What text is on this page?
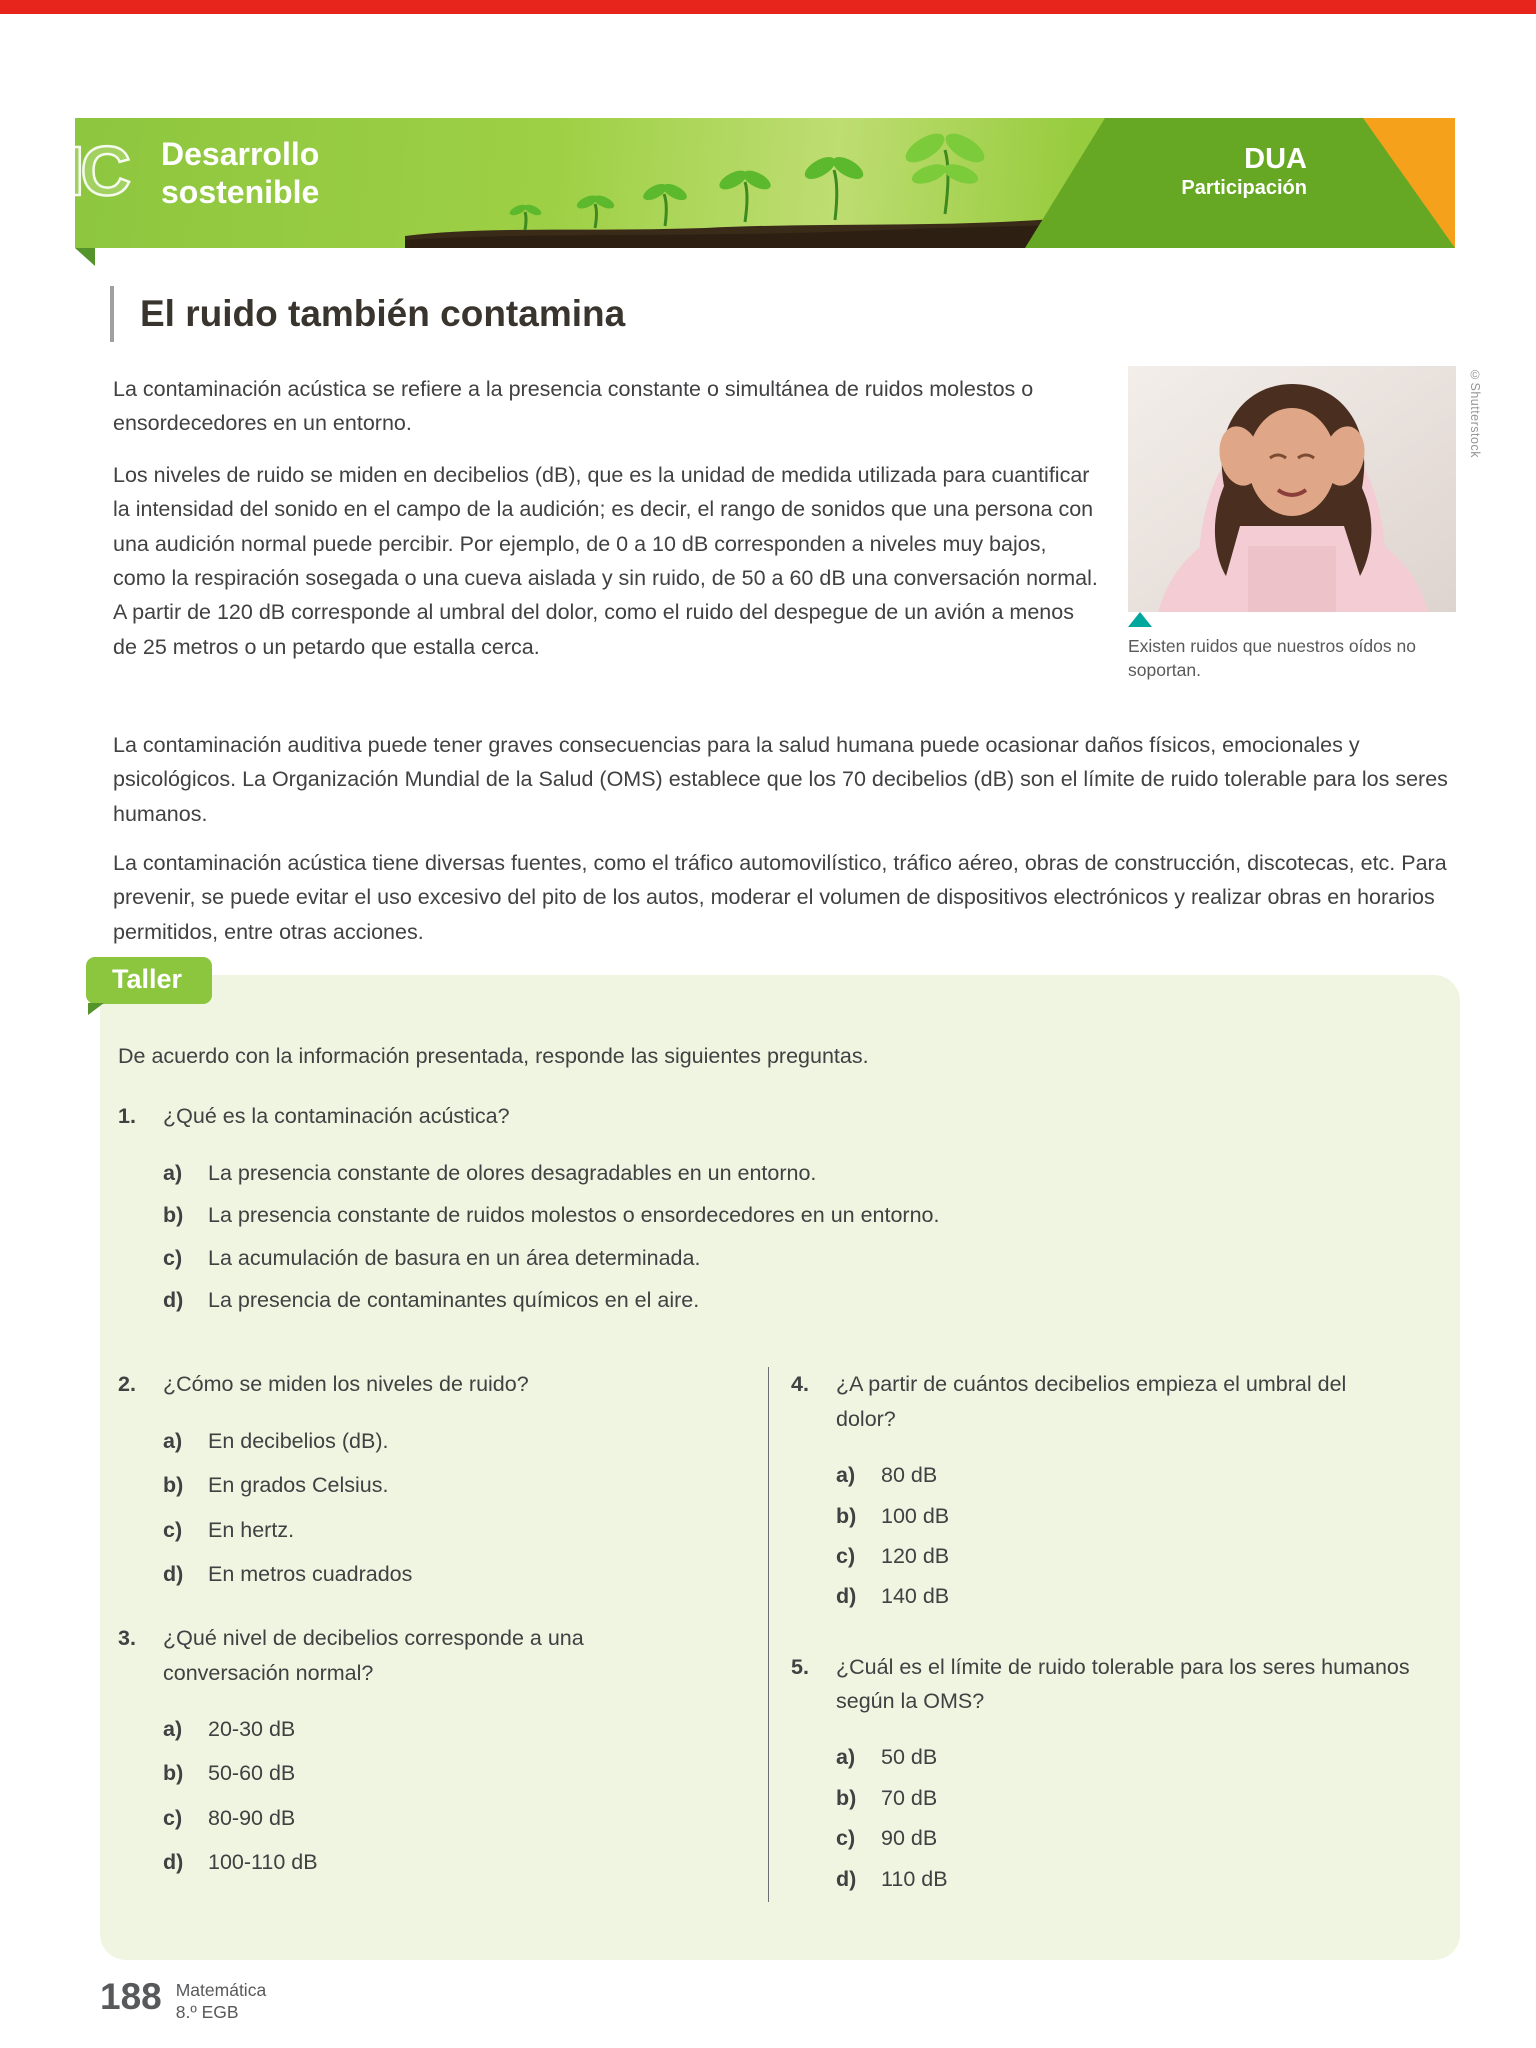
IC Desarrollo
sostenible
DUA
Participación
El ruido también contamina

La contaminación acústica se refiere a la presencia constante o simultánea de ruidos molestos o ensordecedores en un entorno.

Los niveles de ruido se miden en decibelios (dB), que es la unidad de medida utilizada para cuantificar la intensidad del sonido en el campo de la audición; es decir, el rango de sonidos que una persona con una audición normal puede percibir. Por ejemplo, de 0 a 10 dB corresponden a niveles muy bajos, como la respiración sosegada o una cueva aislada y sin ruido, de 50 a 60 dB una conversación normal. A partir de 120 dB corresponde al umbral del dolor, como el ruido del despegue de un avión a menos de 25 metros o un petardo que estalla cerca.

©Shutterstock
Existen ruidos que nuestros oídos no soportan.

La contaminación auditiva puede tener graves consecuencias para la salud humana puede ocasionar daños físicos, emocionales y psicológicos. La Organización Mundial de la Salud (OMS) establece que los 70 decibelios (dB) son el límite de ruido tolerable para los seres humanos.

La contaminación acústica tiene diversas fuentes, como el tráfico automovilístico, tráfico aéreo, obras de construcción, discotecas, etc. Para prevenir, se puede evitar el uso excesivo del pito de los autos, moderar el volumen de dispositivos electrónicos y realizar obras en horarios permitidos, entre otras acciones.

Taller

De acuerdo con la información presentada, responde las siguientes preguntas.

1.	¿Qué es la contaminación acústica?
a)	La presencia constante de olores desagradables en un entorno.
b)	La presencia constante de ruidos molestos o ensordecedores en un entorno.
c)	La acumulación de basura en un área determinada.
d)	La presencia de contaminantes químicos en el aire.
2.	¿Cómo se miden los niveles de ruido?
a)	En decibelios (dB).
b)	En grados Celsius.
c)	En hertz.
d)	En metros cuadrados
3.	¿Qué nivel de decibelios corresponde a una conversación normal?
a)	20-30 dB
b)	50-60 dB
c)	80-90 dB
d)	100-110 dB
4.	¿A partir de cuántos decibelios empieza el umbral del dolor?
a)	80 dB
b)	100 dB
c)	120 dB
d)	140 dB
5.	¿Cuál es el límite de ruido tolerable para los seres humanos según la OMS?
a)	50 dB
b)	70 dB
c)	90 dB
d)	110 dB
188 Matemática
8.º EGB
